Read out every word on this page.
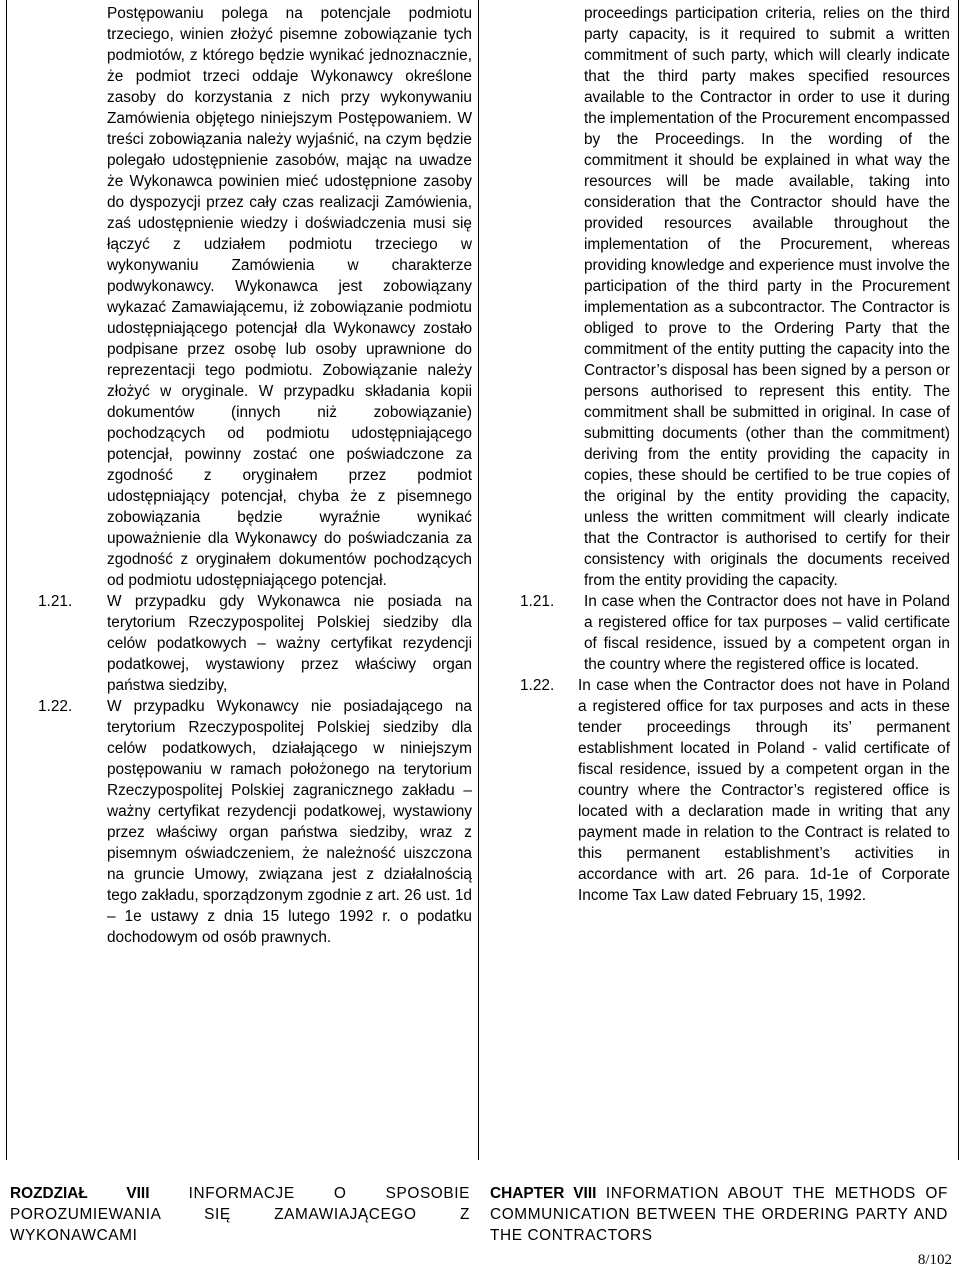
Postępowaniu polega na potencjale podmiotu trzeciego, winien złożyć pisemne zobowiązanie tych podmiotów, z którego będzie wynikać jednoznacznie, że podmiot trzeci oddaje Wykonawcy określone zasoby do korzystania z nich przy wykonywaniu Zamówienia objętego niniejszym Postępowaniem. W treści zobowiązania należy wyjaśnić, na czym będzie polegało udostępnienie zasobów, mając na uwadze że Wykonawca powinien mieć udostępnione zasoby do dyspozycji przez cały czas realizacji Zamówienia, zaś udostępnienie wiedzy i doświadczenia musi się łączyć z udziałem podmiotu trzeciego w wykonywaniu Zamówienia w charakterze podwykonawcy. Wykonawca jest zobowiązany wykazać Zamawiającemu, iż zobowiązanie podmiotu udostępniającego potencjał dla Wykonawcy zostało podpisane przez osobę lub osoby uprawnione do reprezentacji tego podmiotu. Zobowiązanie należy złożyć w oryginale. W przypadku składania kopii dokumentów (innych niż zobowiązanie) pochodzących od podmiotu udostępniającego potencjał, powinny zostać one poświadczone za zgodność z oryginałem przez podmiot udostępniający potencjał, chyba że z pisemnego zobowiązania będzie wyraźnie wynikać upoważnienie dla Wykonawcy do poświadczania za zgodność z oryginałem dokumentów pochodzących od podmiotu udostępniającego potencjał.

1.21.	W przypadku gdy Wykonawca nie posiada na terytorium Rzeczypospolitej Polskiej siedziby dla celów podatkowych – ważny certyfikat rezydencji podatkowej, wystawiony przez właściwy organ państwa siedziby,
1.22.	W przypadku Wykonawcy nie posiadającego na terytorium Rzeczypospolitej Polskiej siedziby dla celów podatkowych, działającego w niniejszym postępowaniu w ramach położonego na terytorium Rzeczypospolitej Polskiej zagranicznego zakładu – ważny certyfikat rezydencji podatkowej, wystawiony przez właściwy organ państwa siedziby, wraz z pisemnym oświadczeniem, że należność uiszczona na gruncie Umowy, związana jest z działalnością tego zakładu, sporządzonym zgodnie z art. 26 ust. 1d – 1e ustawy z dnia 15 lutego 1992 r. o podatku dochodowym od osób prawnych.

proceedings participation criteria, relies on the third party capacity, is it required to submit a written commitment of such party, which will clearly indicate that the third party makes specified resources available to the Contractor in order to use it during the implementation of the Procurement encompassed by the Proceedings. In the wording of the commitment it should be explained in what way the resources will be made available, taking into consideration that the Contractor should have the provided resources available throughout the implementation of the Procurement, whereas providing knowledge and experience must involve the participation of the third party in the Procurement implementation as a subcontractor. The Contractor is obliged to prove to the Ordering Party that the commitment of the entity putting the capacity into the Contractor’s disposal has been signed by a person or persons authorised to represent this entity. The commitment shall be submitted in original. In case of submitting documents (other than the commitment) deriving from the entity providing the capacity in copies, these should be certified to be true copies of the original by the entity providing the capacity, unless the written commitment will clearly indicate that the Contractor is authorised to certify for their consistency with originals the documents received from the entity providing the capacity.

1.21.	In case when the Contractor does not have in Poland a registered office for tax purposes – valid certificate of fiscal residence, issued by a competent organ in the country where the registered office is located.
1.22.	In case when the Contractor does not have in Poland a registered office for tax purposes and acts in these tender proceedings through its’ permanent establishment located in Poland - valid certificate of fiscal residence, issued by a competent organ in the country where the Contractor’s registered office is located with a declaration made in writing that any payment made in relation to the Contract is related to this permanent establishment’s activities in accordance with art. 26 para. 1d-1e of Corporate Income Tax Law dated February 15, 1992.
ROZDZIAŁ VIII	INFORMACJE O SPOSOBIE POROZUMIEWANIA SIĘ ZAMAWIAJĄCEGO Z WYKONAWCAMI
CHAPTER VIII INFORMATION ABOUT THE METHODS OF COMMUNICATION BETWEEN THE ORDERING PARTY AND THE CONTRACTORS
8/102
